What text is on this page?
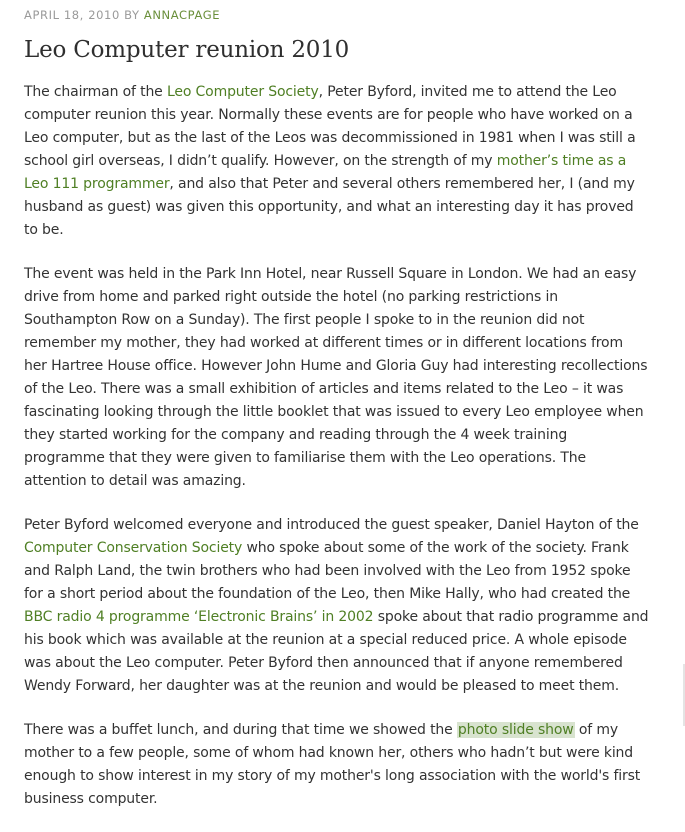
APRIL 18, 2010 BY ANNACPAGE
Leo Computer reunion 2010

The chairman of the Leo Computer Society, Peter Byford, invited me to attend the Leo computer reunion this year. Normally these events are for people who have worked on a Leo computer, but as the last of the Leos was decommissioned in 1981 when I was still a school girl overseas, I didn’t qualify. However, on the strength of my mother’s time as a Leo 111 programmer, and also that Peter and several others remembered her, I (and my husband as guest) was given this opportunity, and what an interesting day it has proved to be.

The event was held in the Park Inn Hotel, near Russell Square in London. We had an easy drive from home and parked right outside the hotel (no parking restrictions in Southampton Row on a Sunday). The first people I spoke to in the reunion did not remember my mother, they had worked at different times or in different locations from her Hartree House office. However John Hume and Gloria Guy had interesting recollections of the Leo. There was a small exhibition of articles and items related to the Leo – it was fascinating looking through the little booklet that was issued to every Leo employee when they started working for the company and reading through the 4 week training programme that they were given to familiarise them with the Leo operations. The attention to detail was amazing.

Peter Byford welcomed everyone and introduced the guest speaker, Daniel Hayton of the Computer Conservation Society who spoke about some of the work of the society. Frank and Ralph Land, the twin brothers who had been involved with the Leo from 1952 spoke for a short period about the foundation of the Leo, then Mike Hally, who had created the BBC radio 4 programme ‘Electronic Brains’ in 2002 spoke about that radio programme and his book which was available at the reunion at a special reduced price. A whole episode was about the Leo computer. Peter Byford then announced that if anyone remembered Wendy Forward, her daughter was at the reunion and would be pleased to meet them.

There was a buffet lunch, and during that time we showed the photo slide show of my mother to a few people, some of whom had known her, others who hadn’t but were kind enough to show interest in my story of my mother's long association with the world's first business computer.
